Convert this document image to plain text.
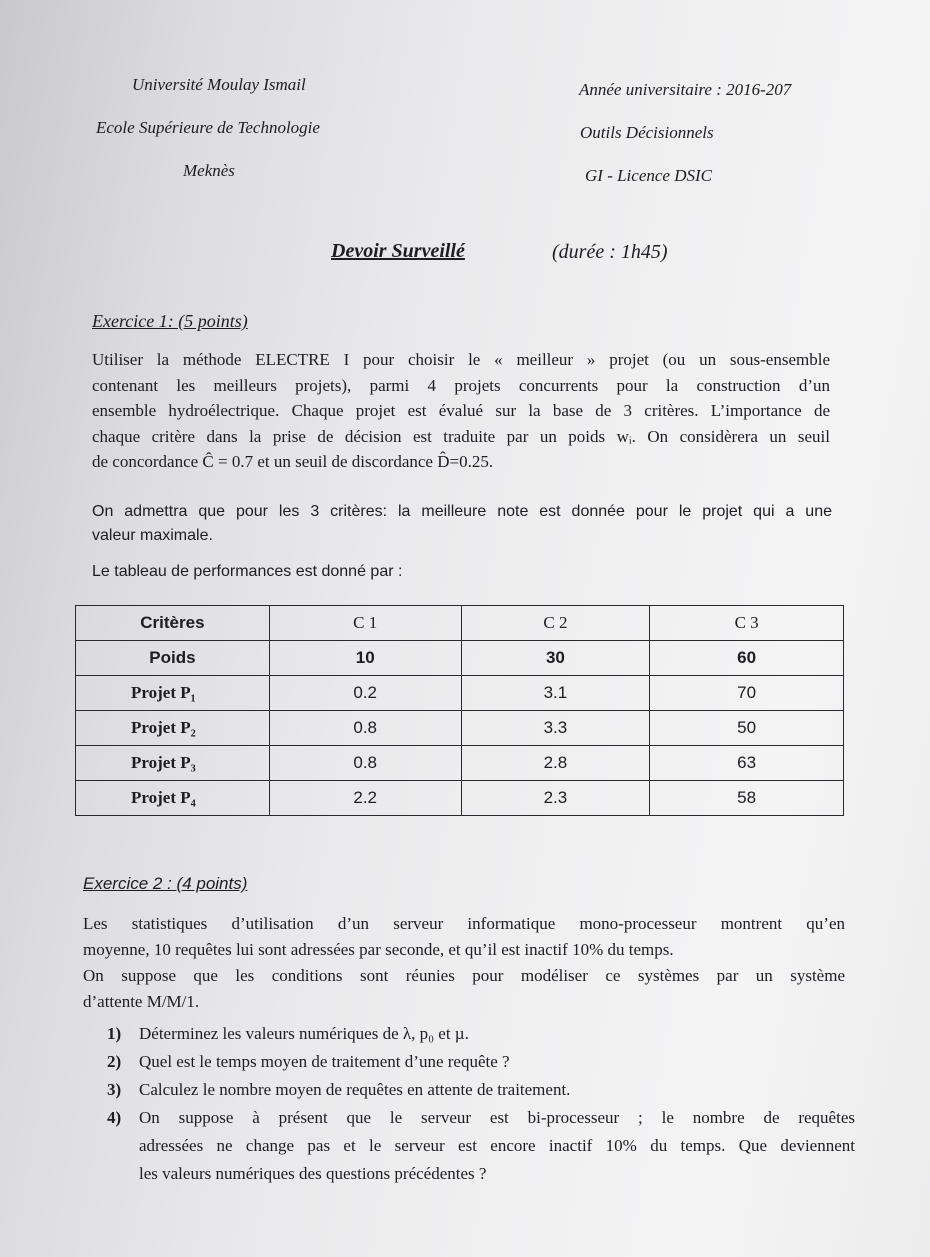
Université Moulay Ismail
Ecole Supérieure de Technologie
Meknès
Année universitaire : 2016-207
Outils Décisionnels
GI - Licence DSIC
Devoir Surveillé	(durée : 1h45)
Exercice 1: (5 points)
Utiliser la méthode ELECTRE I pour choisir le « meilleur » projet (ou un sous-ensemble
contenant les meilleurs projets), parmi 4 projets concurrents pour la construction d’un
ensemble hydroélectrique. Chaque projet est évalué sur la base de 3 critères. L’importance de
chaque critère dans la prise de décision est traduite par un poids wᵢ. On considèrera un seuil
de concordance Ĉ = 0.7 et un seuil de discordance D̂=0.25.
On admettra que pour les 3 critères: la meilleure note est donnée pour le projet qui a une
valeur maximale.
Le tableau de performances est donné par :
Critères	C 1	C 2	C 3
Poids	10	30	60
Projet P₁	0.2	3.1	70
Projet P₂	0.8	3.3	50
Projet P₃	0.8	2.8	63
Projet P₄	2.2	2.3	58
Exercice 2 : (4 points)
Les statistiques d’utilisation d’un serveur informatique mono-processeur montrent qu’en
moyenne, 10 requêtes lui sont adressées par seconde, et qu’il est inactif 10% du temps.
On suppose que les conditions sont réunies pour modéliser ce systèmes par un système
d’attente M/M/1.
1) Déterminez les valeurs numériques de λ, p₀ et µ.
2) Quel est le temps moyen de traitement d’une requête ?
3) Calculez le nombre moyen de requêtes en attente de traitement.
4) On suppose à présent que le serveur est bi-processeur ; le nombre de requêtes
adressées ne change pas et le serveur est encore inactif 10% du temps. Que deviennent
les valeurs numériques des questions précédentes ?
